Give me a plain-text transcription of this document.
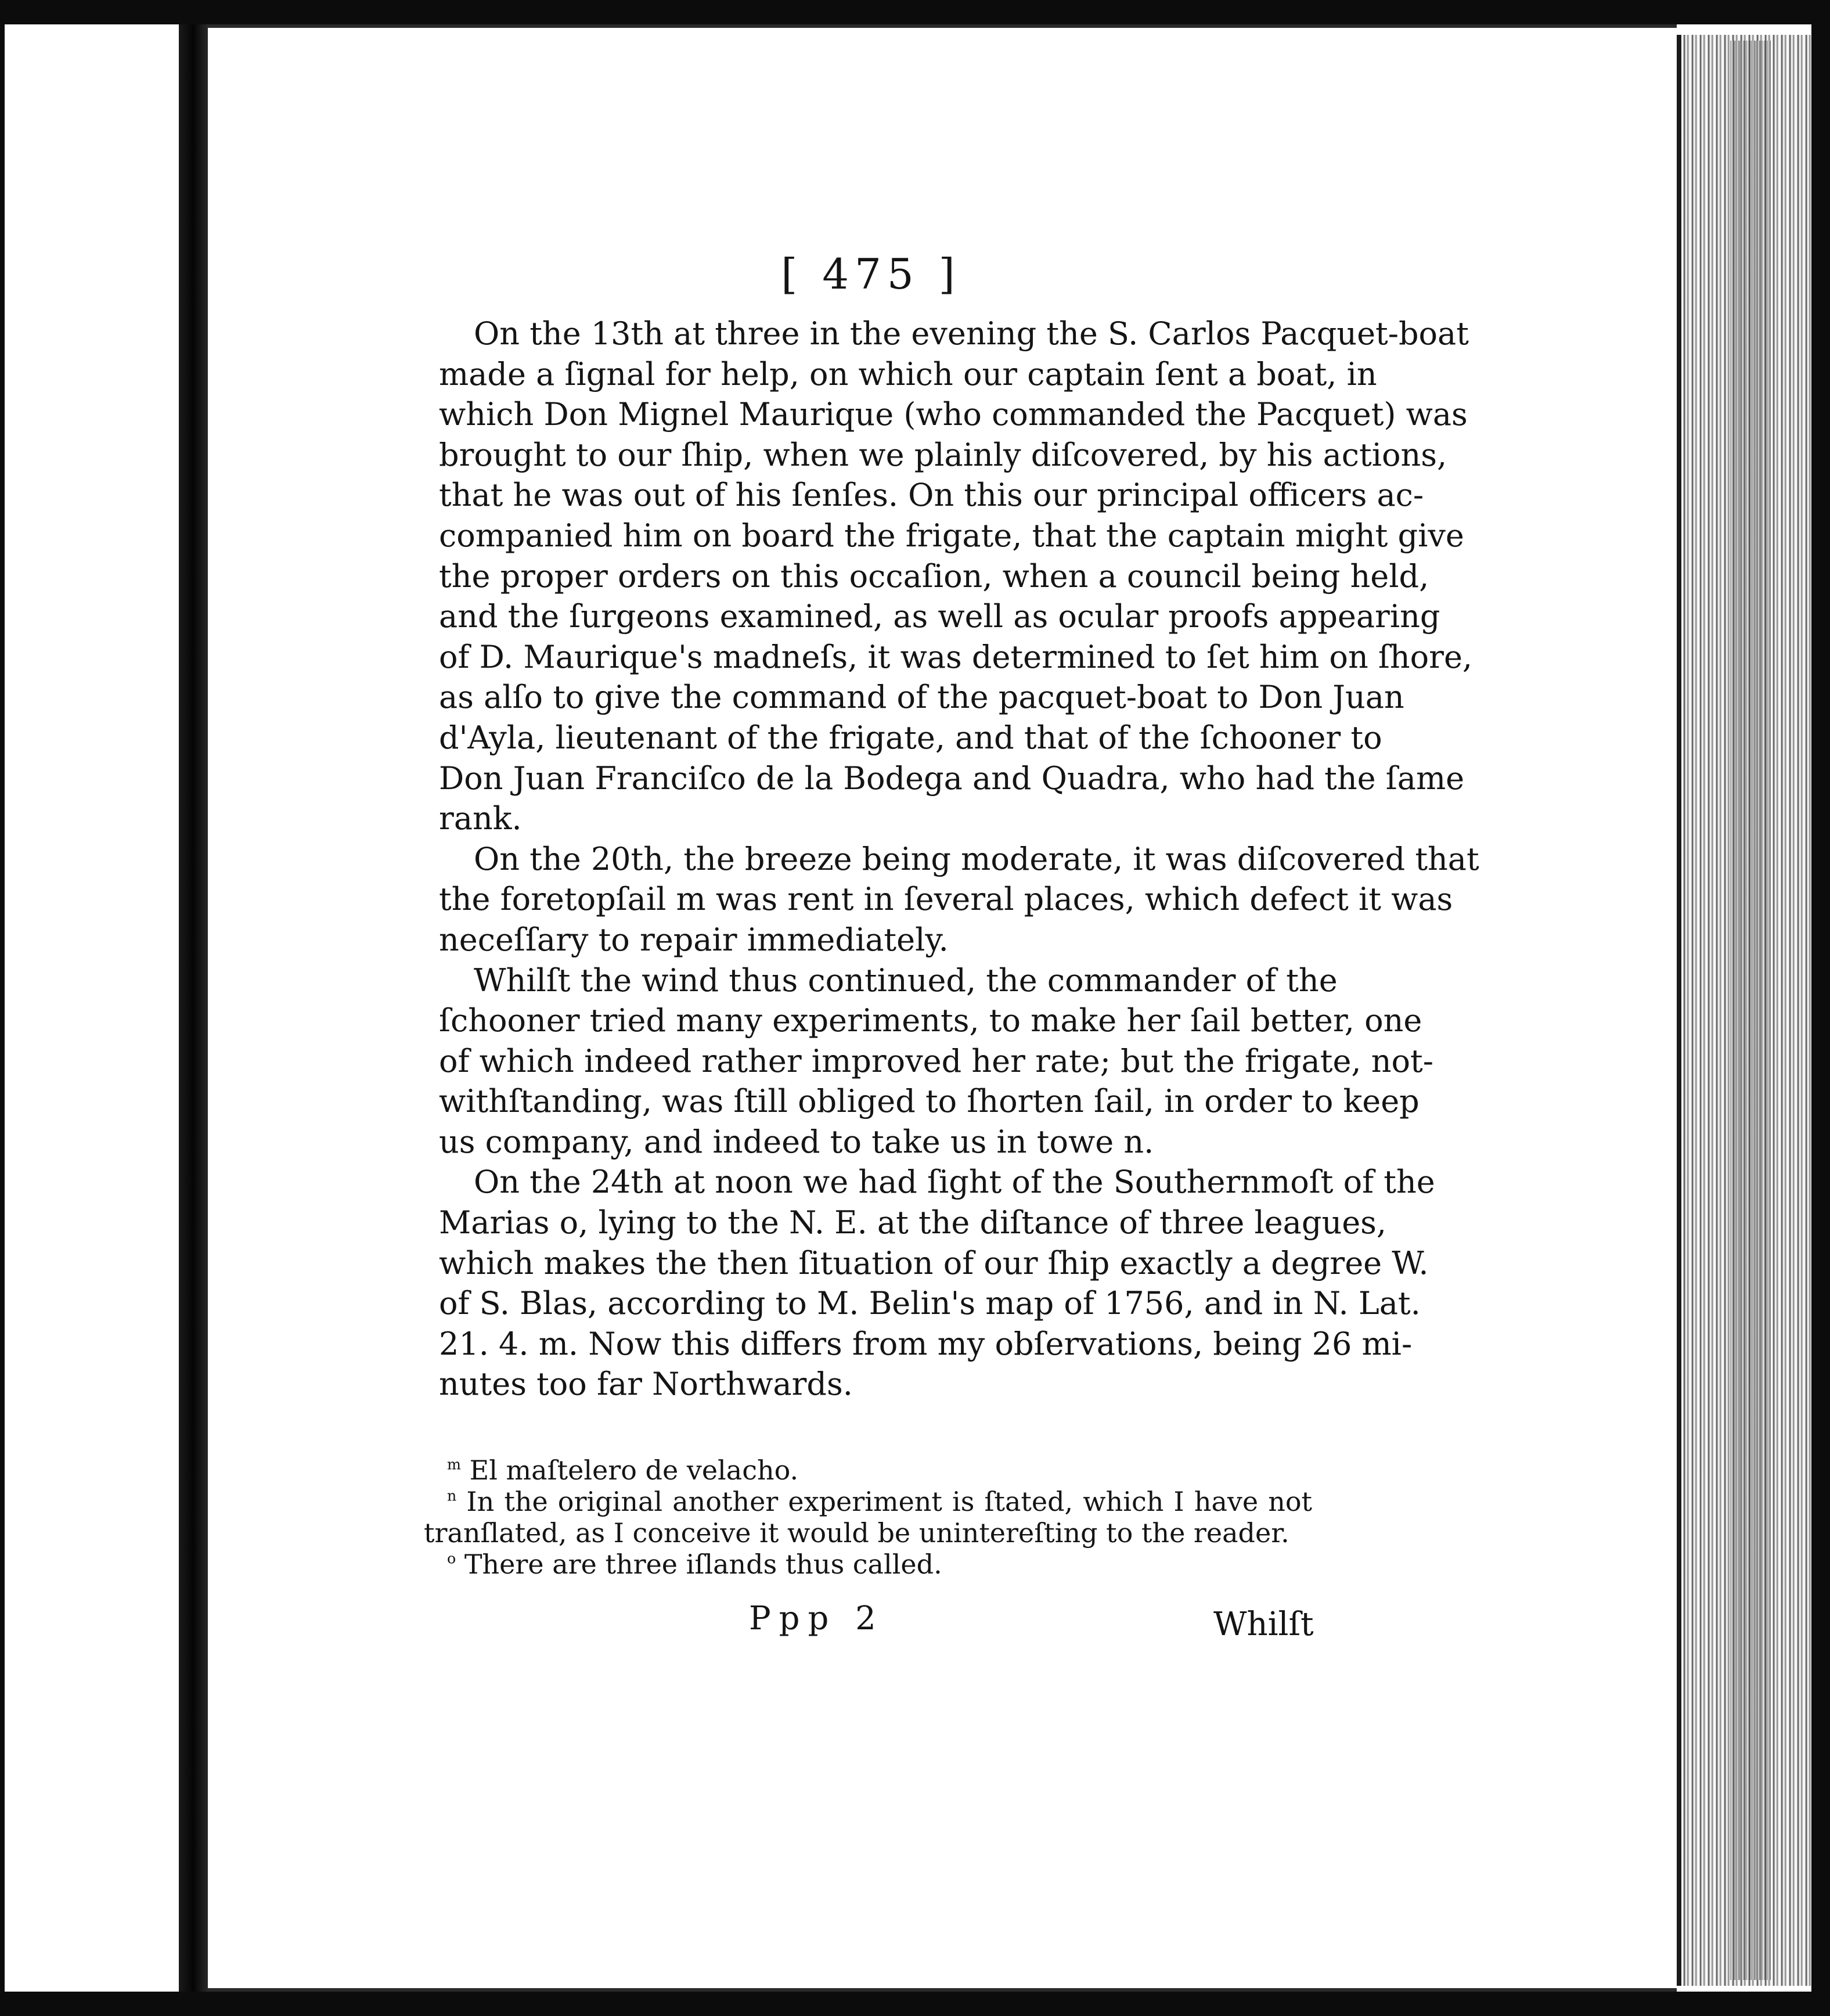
[ 475 ]
On the 13th at three in the evening the S. Carlos Pacquet-boat
made a ſignal for help, on which our captain ſent a boat, in
which Don Mignel Maurique (who commanded the Pacquet) was
brought to our ſhip, when we plainly diſcovered, by his actions,
that he was out of his ſenſes. On this our principal officers ac-
companied him on board the frigate, that the captain might give
the proper orders on this occaſion, when a council being held,
and the ſurgeons examined, as well as ocular proofs appearing
of D. Maurique's madneſs, it was determined to ſet him on ſhore,
as alſo to give the command of the pacquet-boat to Don Juan
d'Ayla, lieutenant of the frigate, and that of the ſchooner to
Don Juan Franciſco de la Bodega and Quadra, who had the ſame
rank.
On the 20th, the breeze being moderate, it was diſcovered that
the foretopſail m was rent in ſeveral places, which defect it was
neceſſary to repair immediately.
Whilſt the wind thus continued, the commander of the
ſchooner tried many experiments, to make her ſail better, one
of which indeed rather improved her rate; but the frigate, not-
withſtanding, was ſtill obliged to ſhorten ſail, in order to keep
us company, and indeed to take us in towe n.
On the 24th at noon we had ſight of the Southernmoſt of the
Marias o, lying to the N. E. at the diſtance of three leagues,
which makes the then ſituation of our ſhip exactly a degree W.
of S. Blas, according to M. Belin's map of 1756, and in N. Lat.
21. 4. m. Now this differs from my obſervations, being 26 mi-
nutes too far Northwards.
$^m$ El maſtelero de velacho.
$^n$ In the original another experiment is ſtated, which I have not
tranſlated, as I conceive it would be unintereſting to the reader.
$^o$ There are three iſlands thus called.
Ppp 2	Whilſt
